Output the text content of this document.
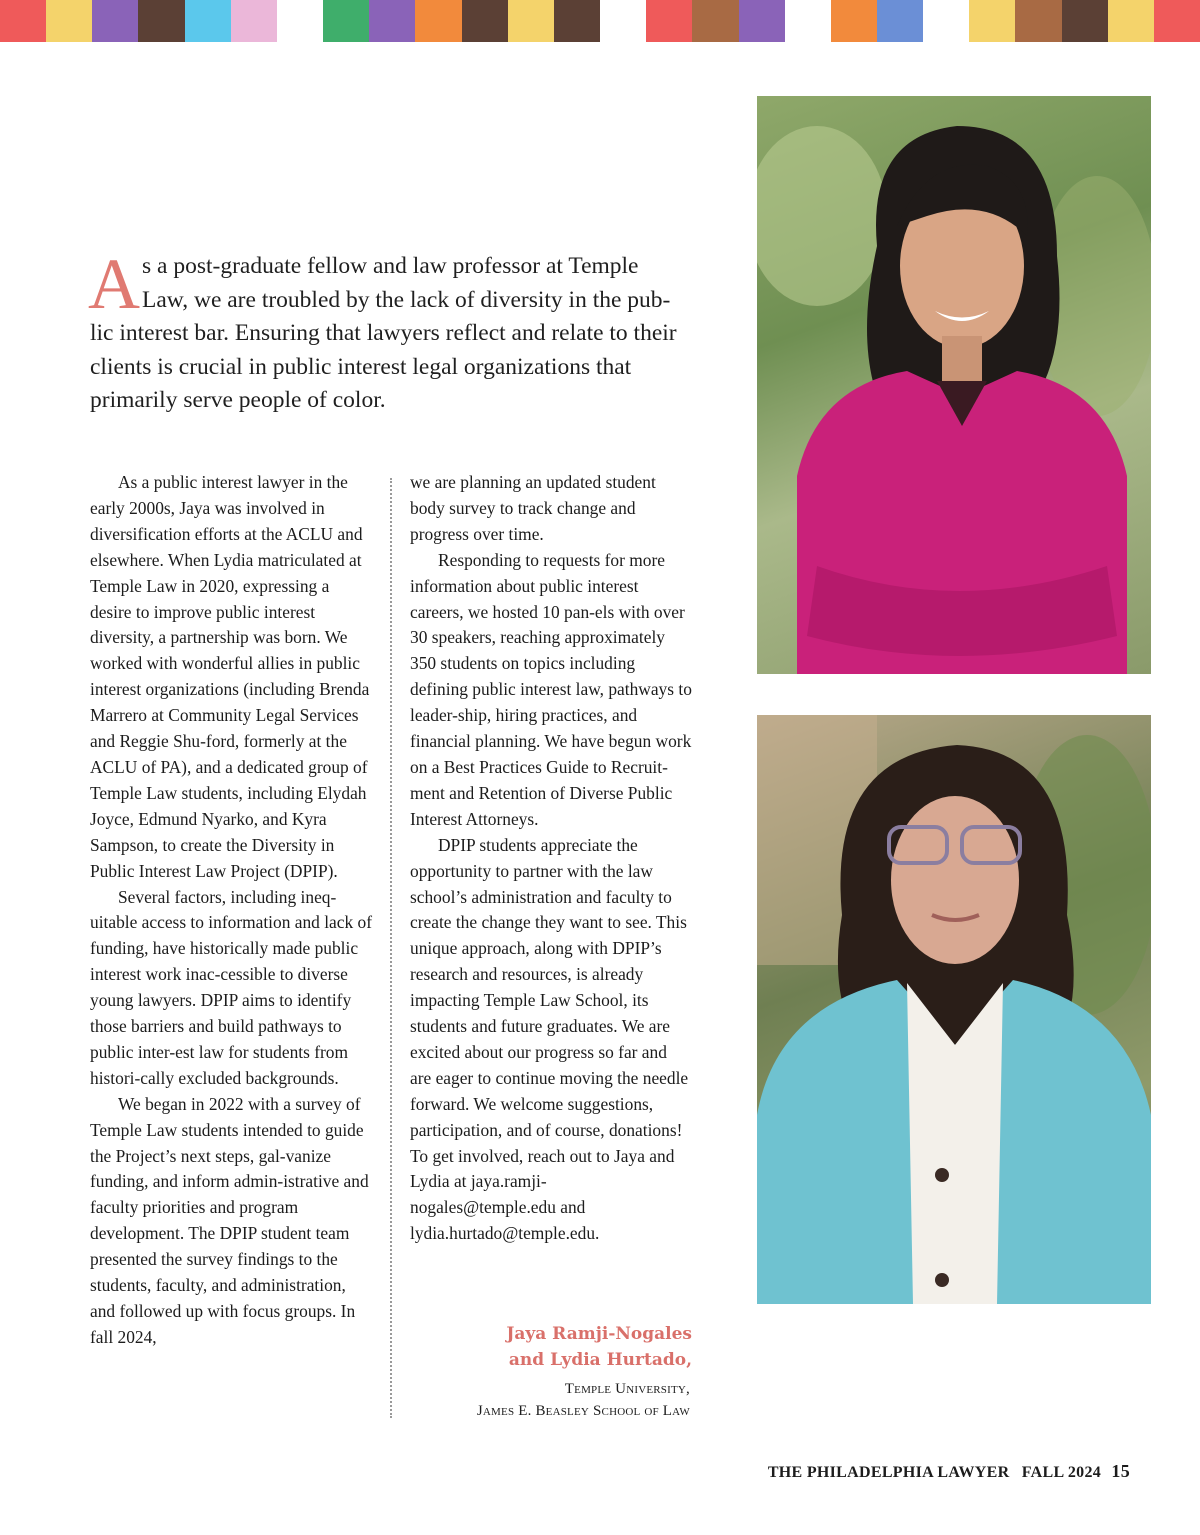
As a post-graduate fellow and law professor at Temple Law, we are troubled by the lack of diversity in the pub-lic interest bar. Ensuring that lawyers reflect and relate to their clients is crucial in public interest legal organizations that primarily serve people of color.

As a public interest lawyer in the early 2000s, Jaya was involved in diversification efforts at the ACLU and elsewhere. When Lydia matriculated at Temple Law in 2020, expressing a desire to improve public interest diversity, a partnership was born. We worked with wonderful allies in public interest organizations (including Brenda Marrero at Community Legal Services and Reggie Shu-ford, formerly at the ACLU of PA), and a dedicated group of Temple Law students, including Elydah Joyce, Edmund Nyarko, and Kyra Sampson, to create the Diversity in Public Interest Law Project (DPIP).

Several factors, including ineq-uitable access to information and lack of funding, have historically made public interest work inac-cessible to diverse young lawyers. DPIP aims to identify those barriers and build pathways to public inter-est law for students from histori-cally excluded backgrounds.

We began in 2022 with a survey of Temple Law students intended to guide the Project’s next steps, gal-vanize funding, and inform admin-istrative and faculty priorities and program development. The DPIP student team presented the survey findings to the students, faculty, and administration, and followed up with focus groups. In fall 2024,

we are planning an updated student body survey to track change and progress over time.

Responding to requests for more information about public interest careers, we hosted 10 pan-els with over 30 speakers, reaching approximately 350 students on topics including defining public interest law, pathways to leader-ship, hiring practices, and financial planning. We have begun work on a Best Practices Guide to Recruit-ment and Retention of Diverse Public Interest Attorneys.

DPIP students appreciate the opportunity to partner with the law school’s administration and faculty to create the change they want to see. This unique approach, along with DPIP’s research and resources, is already impacting Temple Law School, its students and future graduates. We are excited about our progress so far and are eager to continue moving the needle forward. We welcome suggestions, participation, and of course, donations! To get involved, reach out to Jaya and Lydia at jaya.ramji-nogales@temple.edu and lydia.hurtado@temple.edu.

Jaya Ramji-Nogales
and Lydia Hurtado,
Temple University,
James E. Beasley School of Law
THE PHILADELPHIA LAWYER FALL 2024 15
